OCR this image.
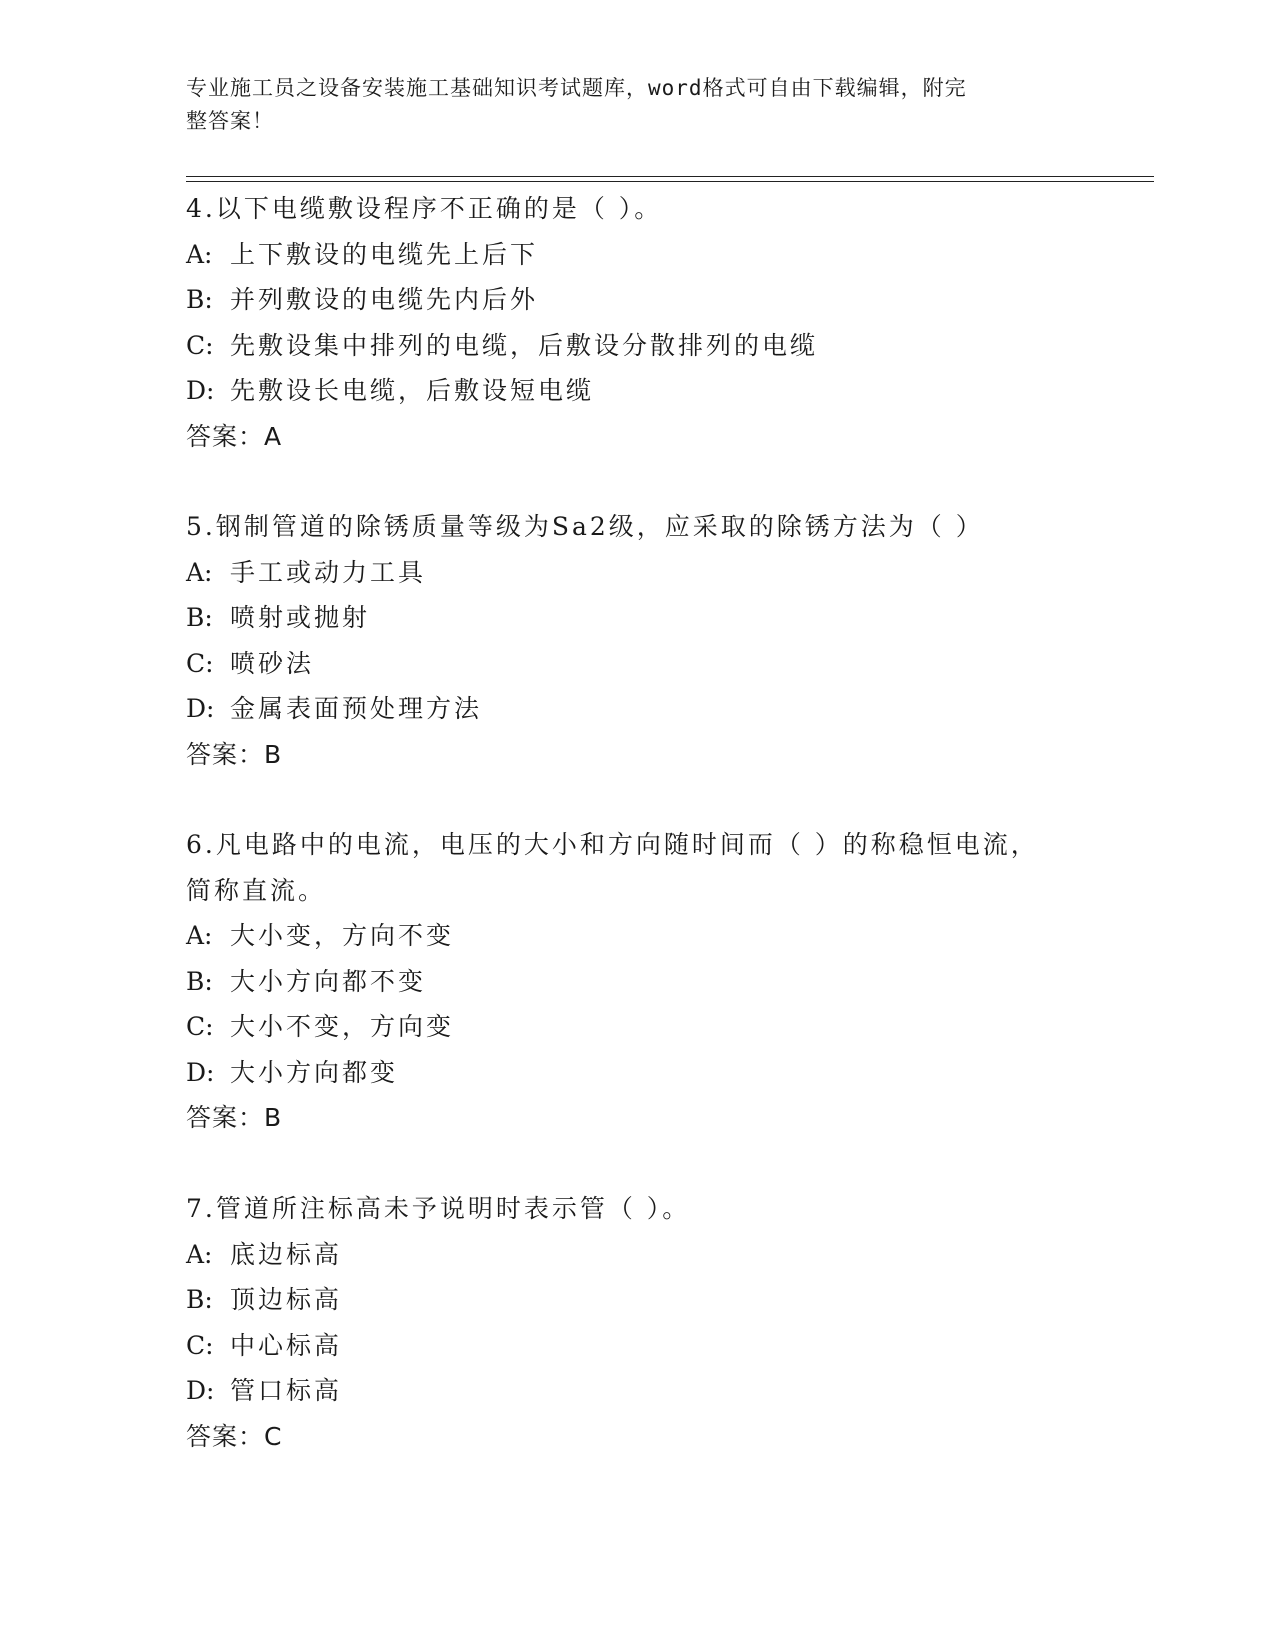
专业施工员之设备安装施工基础知识考试题库，word格式可自由下载编辑，附完
整答案！
4.以下电缆敷设程序不正确的是（ ）。
A: 上下敷设的电缆先上后下
B: 并列敷设的电缆先内后外
C: 先敷设集中排列的电缆，后敷设分散排列的电缆
D: 先敷设长电缆，后敷设短电缆
答案：A
5.钢制管道的除锈质量等级为Sa2级，应采取的除锈方法为（ ）
A: 手工或动力工具
B: 喷射或抛射
C: 喷砂法
D: 金属表面预处理方法
答案：B
6.凡电路中的电流，电压的大小和方向随时间而（ ）的称稳恒电流，
简称直流。
A: 大小变，方向不变
B: 大小方向都不变
C: 大小不变，方向变
D: 大小方向都变
答案：B
7.管道所注标高未予说明时表示管（ ）。
A: 底边标高
B: 顶边标高
C: 中心标高
D: 管口标高
答案：C
